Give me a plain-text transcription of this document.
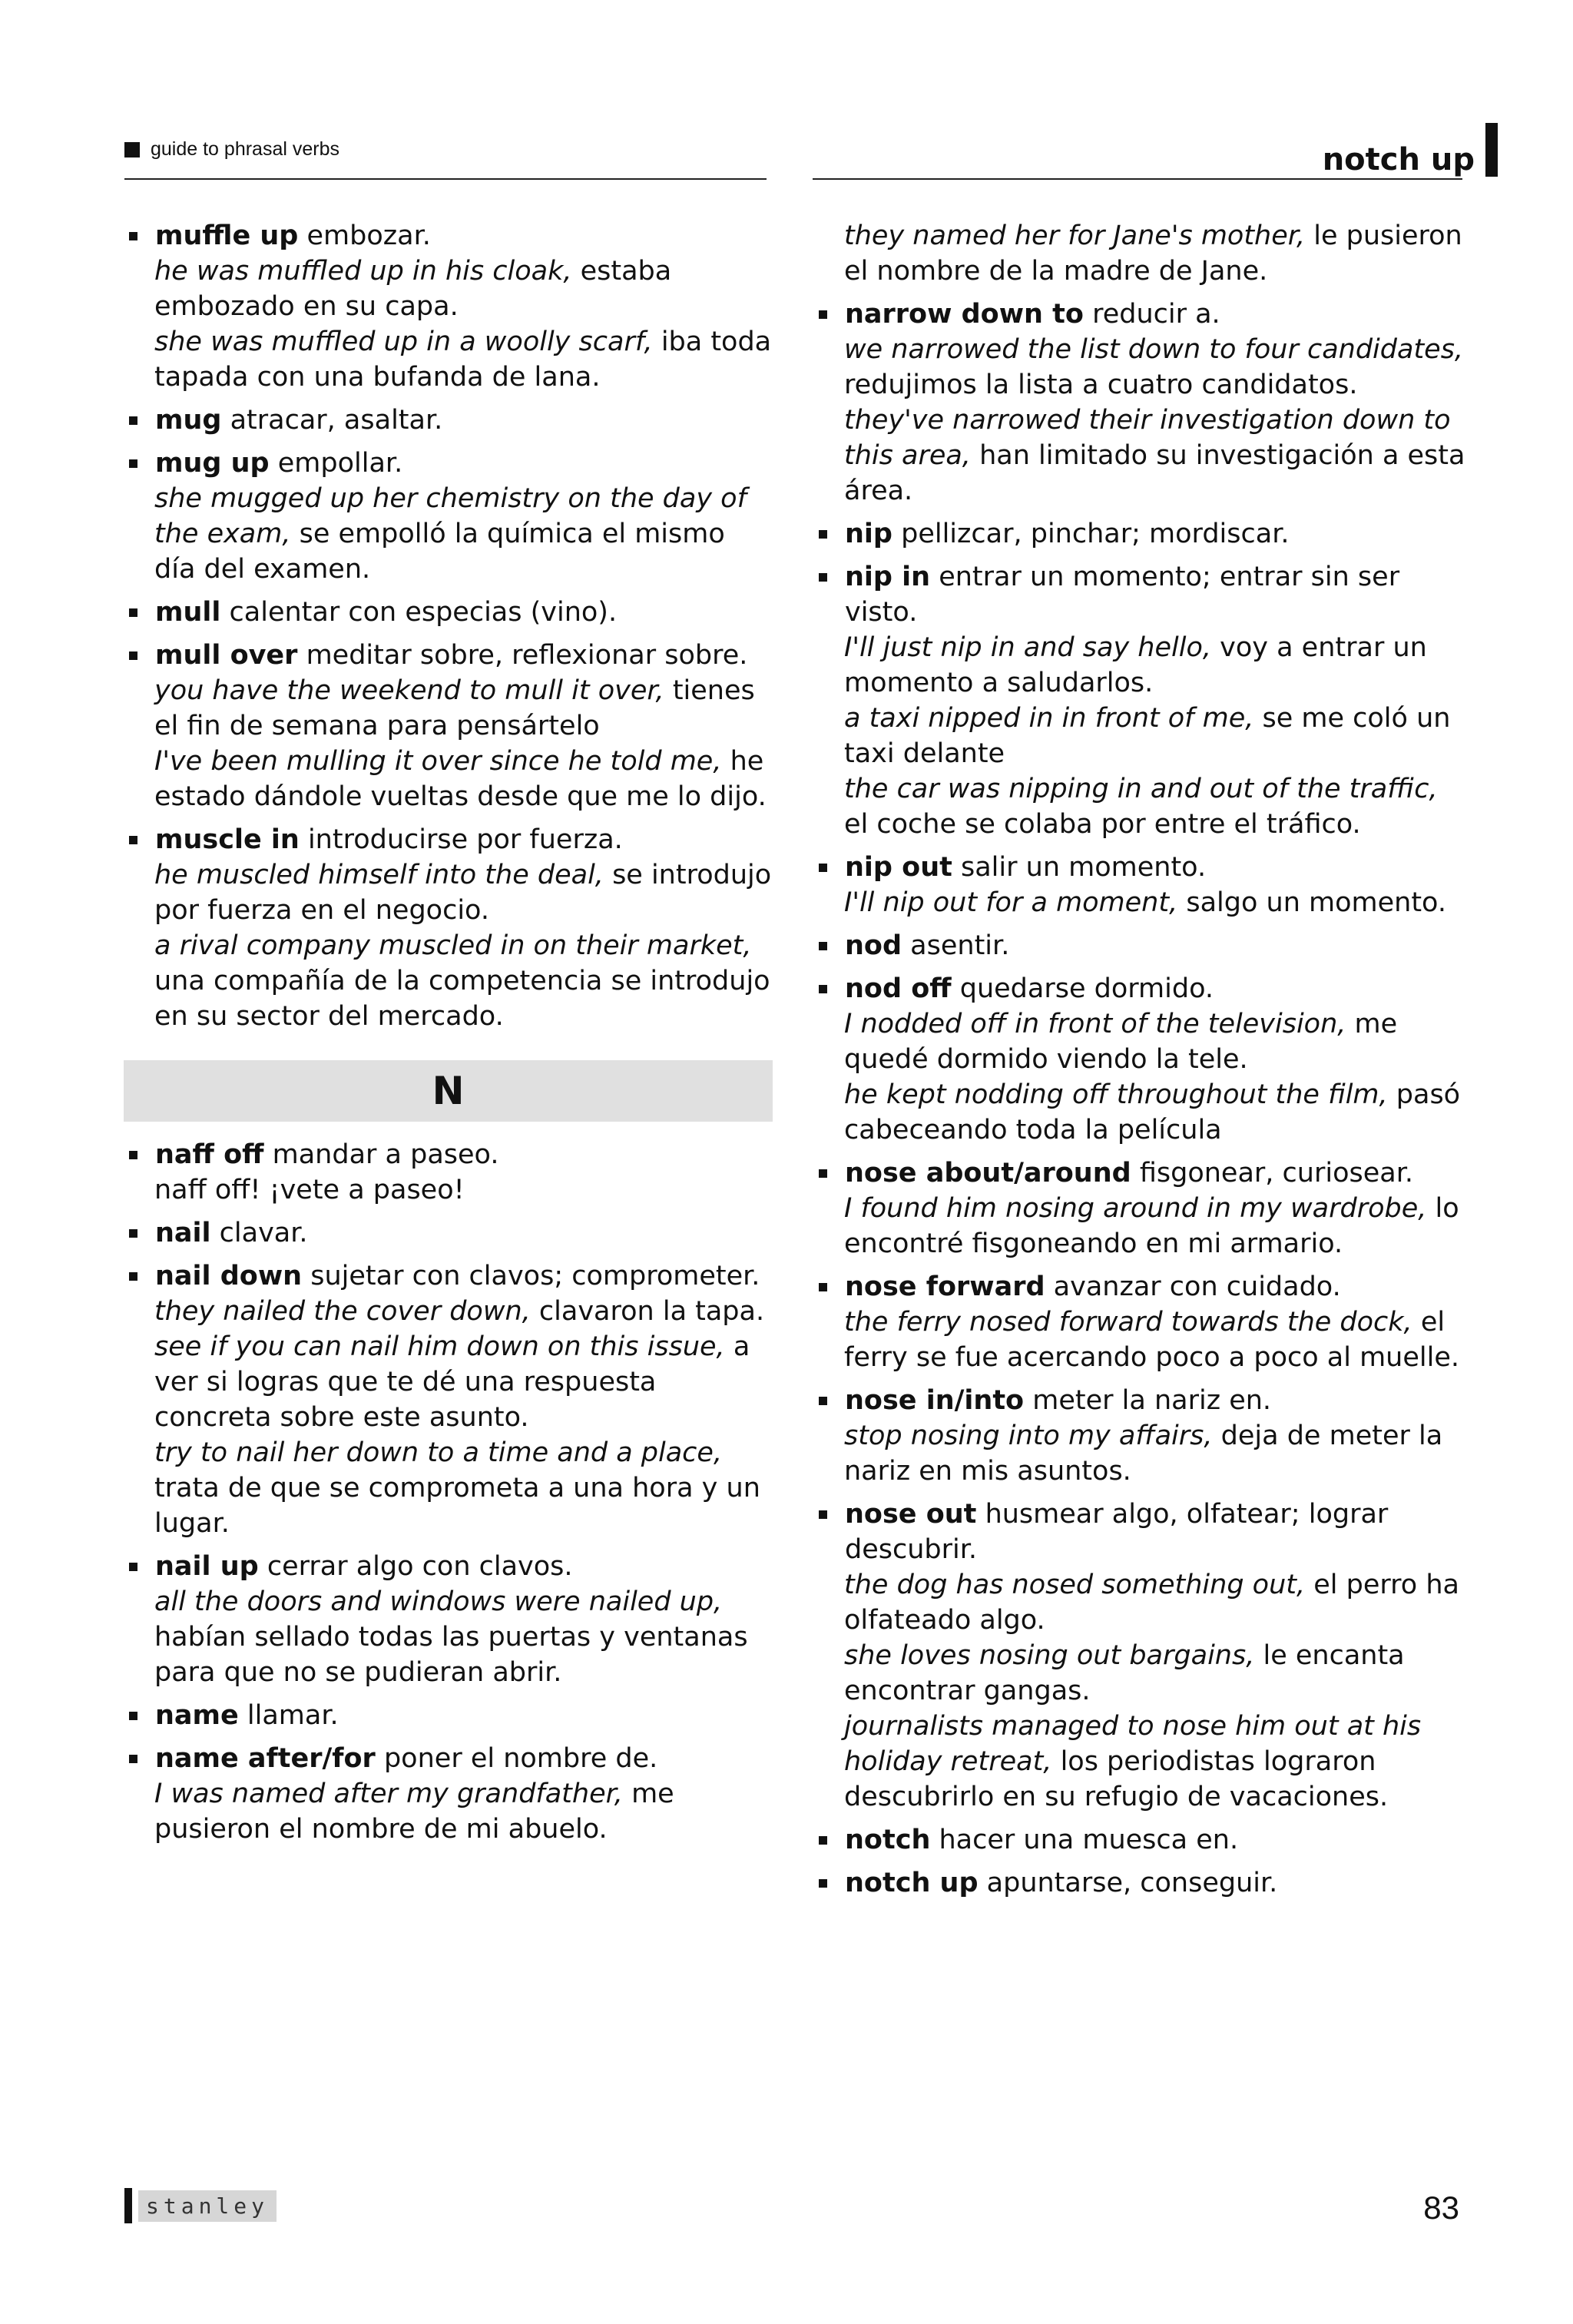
guide to phrasal verbs	notch up
muffle up embozar.
he was muffled up in his cloak, estaba embozado en su capa.
she was muffled up in a woolly scarf, iba toda tapada con una bufanda de lana.
mug atracar, asaltar.
mug up empollar.
she mugged up her chemistry on the day of the exam, se empolló la química el mismo día del examen.
mull calentar con especias (vino).
mull over meditar sobre, reflexionar sobre.
you have the weekend to mull it over, tienes el fin de semana para pensártelo
I've been mulling it over since he told me, he estado dándole vueltas desde que me lo dijo.
muscle in introducirse por fuerza.
he muscled himself into the deal, se introdujo por fuerza en el negocio.
a rival company muscled in on their market, una compañía de la competencia se introdujo en su sector del mercado.
N
naff off mandar a paseo.
naff off! ¡vete a paseo!
nail clavar.
nail down sujetar con clavos; comprometer.
they nailed the cover down, clavaron la tapa.
see if you can nail him down on this issue, a ver si logras que te dé una respuesta concreta sobre este asunto.
try to nail her down to a time and a place, trata de que se comprometa a una hora y un lugar.
nail up cerrar algo con clavos.
all the doors and windows were nailed up, habían sellado todas las puertas y ventanas para que no se pudieran abrir.
name llamar.
name after/for poner el nombre de.
I was named after my grandfather, me pusieron el nombre de mi abuelo.
they named her for Jane's mother, le pusieron el nombre de la madre de Jane.
narrow down to reducir a.
we narrowed the list down to four candidates, redujimos la lista a cuatro candidatos.
they've narrowed their investigation down to this area, han limitado su investigación a esta área.
nip pellizcar, pinchar; mordiscar.
nip in entrar un momento; entrar sin ser visto.
I'll just nip in and say hello, voy a entrar un momento a saludarlos.
a taxi nipped in in front of me, se me coló un taxi delante
the car was nipping in and out of the traffic, el coche se colaba por entre el tráfico.
nip out salir un momento.
I'll nip out for a moment, salgo un momento.
nod asentir.
nod off quedarse dormido.
I nodded off in front of the television, me quedé dormido viendo la tele.
he kept nodding off throughout the film, pasó cabeceando toda la película
nose about/around fisgonear, curiosear.
I found him nosing around in my wardrobe, lo encontré fisgoneando en mi armario.
nose forward avanzar con cuidado.
the ferry nosed forward towards the dock, el ferry se fue acercando poco a poco al muelle.
nose in/into meter la nariz en.
stop nosing into my affairs, deja de meter la nariz en mis asuntos.
nose out husmear algo, olfatear; lograr descubrir.
the dog has nosed something out, el perro ha olfateado algo.
she loves nosing out bargains, le encanta encontrar gangas.
journalists managed to nose him out at his holiday retreat, los periodistas lograron descubrirlo en su refugio de vacaciones.
notch hacer una muesca en.
notch up apuntarse, conseguir.
stanley	83
